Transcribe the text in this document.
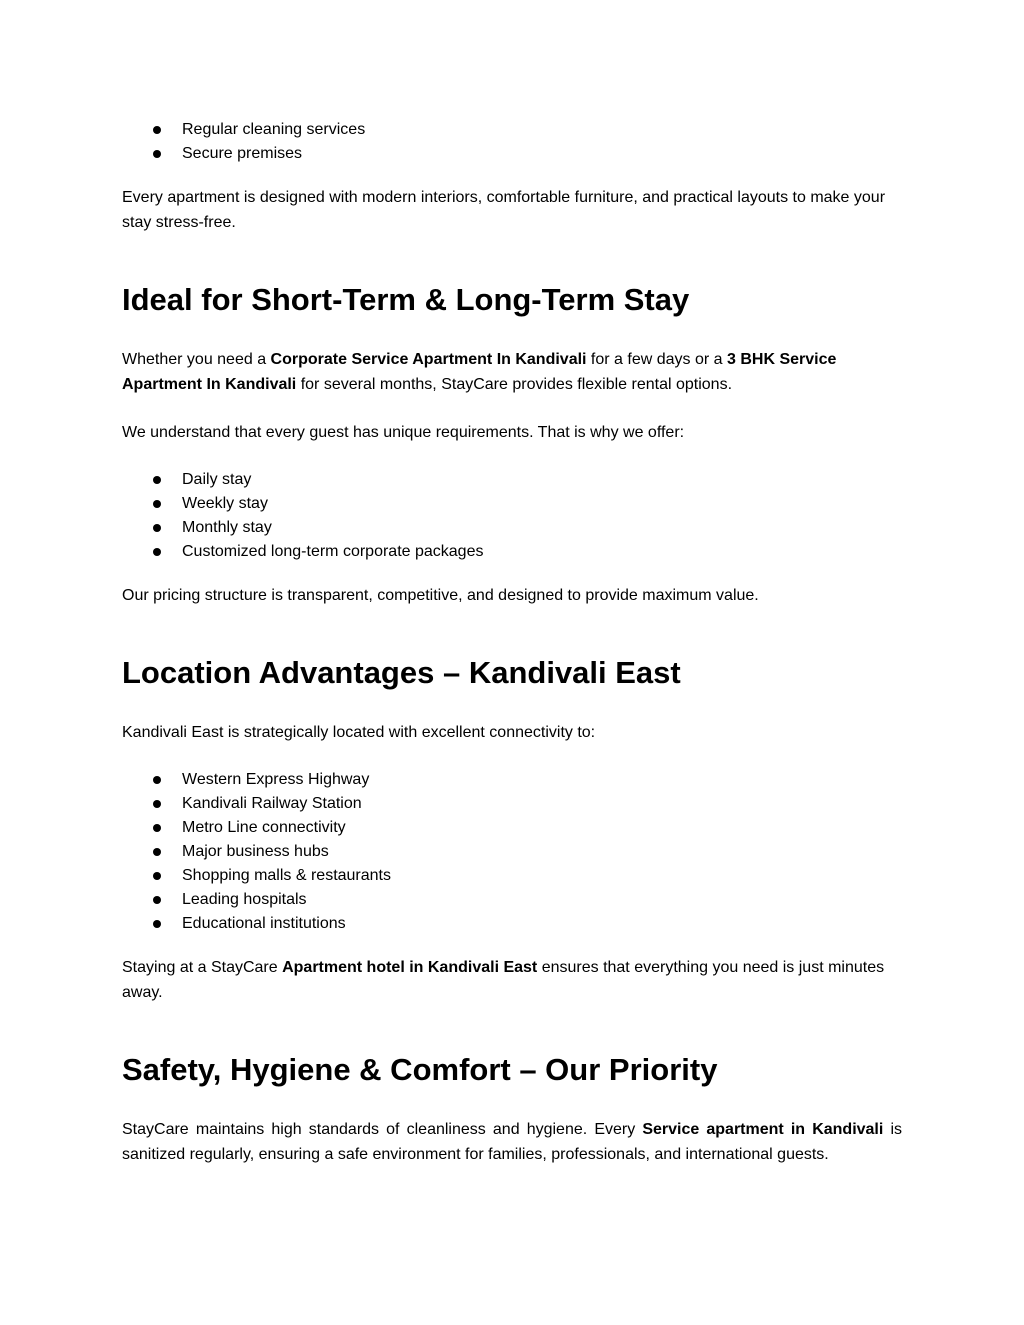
Regular cleaning services
Secure premises

Every apartment is designed with modern interiors, comfortable furniture, and practical layouts to make your stay stress-free.

Ideal for Short-Term & Long-Term Stay

Whether you need a Corporate Service Apartment In Kandivali for a few days or a 3 BHK Service Apartment In Kandivali for several months, StayCare provides flexible rental options.

We understand that every guest has unique requirements. That is why we offer:

Daily stay
Weekly stay
Monthly stay
Customized long-term corporate packages

Our pricing structure is transparent, competitive, and designed to provide maximum value.

Location Advantages – Kandivali East

Kandivali East is strategically located with excellent connectivity to:

Western Express Highway
Kandivali Railway Station
Metro Line connectivity
Major business hubs
Shopping malls & restaurants
Leading hospitals
Educational institutions

Staying at a StayCare Apartment hotel in Kandivali East ensures that everything you need is just minutes away.

Safety, Hygiene & Comfort – Our Priority

StayCare maintains high standards of cleanliness and hygiene. Every Service apartment in Kandivali is sanitized regularly, ensuring a safe environment for families, professionals, and international guests.
